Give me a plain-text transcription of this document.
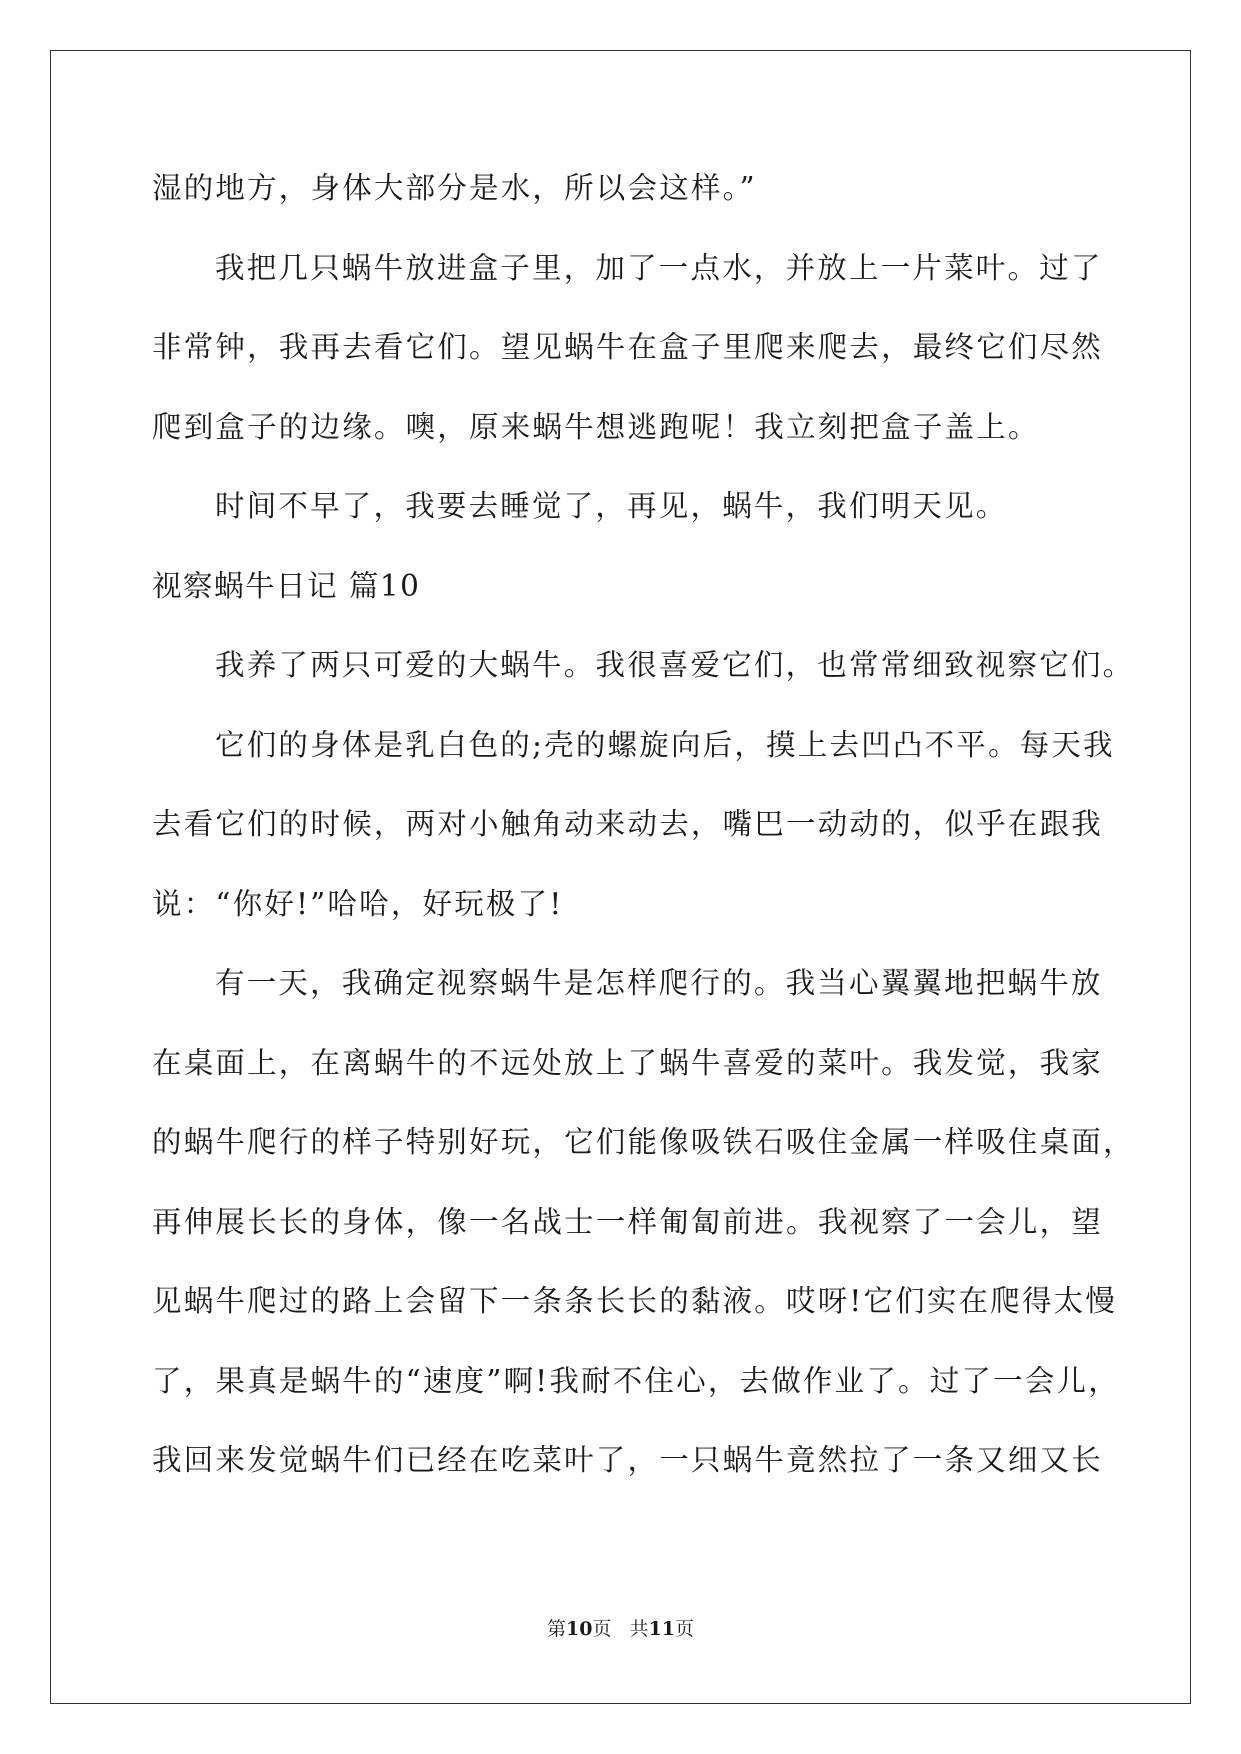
湿的地方，身体大部分是水，所以会这样。”
我把几只蜗牛放进盒子里，加了一点水，并放上一片菜叶。过了
非常钟，我再去看它们。望见蜗牛在盒子里爬来爬去，最终它们尽然
爬到盒子的边缘。噢，原来蜗牛想逃跑呢！我立刻把盒子盖上。
时间不早了，我要去睡觉了，再见，蜗牛，我们明天见。
视察蜗牛日记 篇10
我养了两只可爱的大蜗牛。我很喜爱它们，也常常细致视察它们。
它们的身体是乳白色的;壳的螺旋向后，摸上去凹凸不平。每天我
去看它们的时候，两对小触角动来动去，嘴巴一动动的，似乎在跟我
说：“你好!”哈哈，好玩极了!
有一天，我确定视察蜗牛是怎样爬行的。我当心翼翼地把蜗牛放
在桌面上，在离蜗牛的不远处放上了蜗牛喜爱的菜叶。我发觉，我家
的蜗牛爬行的样子特别好玩，它们能像吸铁石吸住金属一样吸住桌面，
再伸展长长的身体，像一名战士一样匍匐前进。我视察了一会儿，望
见蜗牛爬过的路上会留下一条条长长的黏液。哎呀!它们实在爬得太慢
了，果真是蜗牛的“速度”啊!我耐不住心，去做作业了。过了一会儿，
我回来发觉蜗牛们已经在吃菜叶了，一只蜗牛竟然拉了一条又细又长
第10页   共11页
